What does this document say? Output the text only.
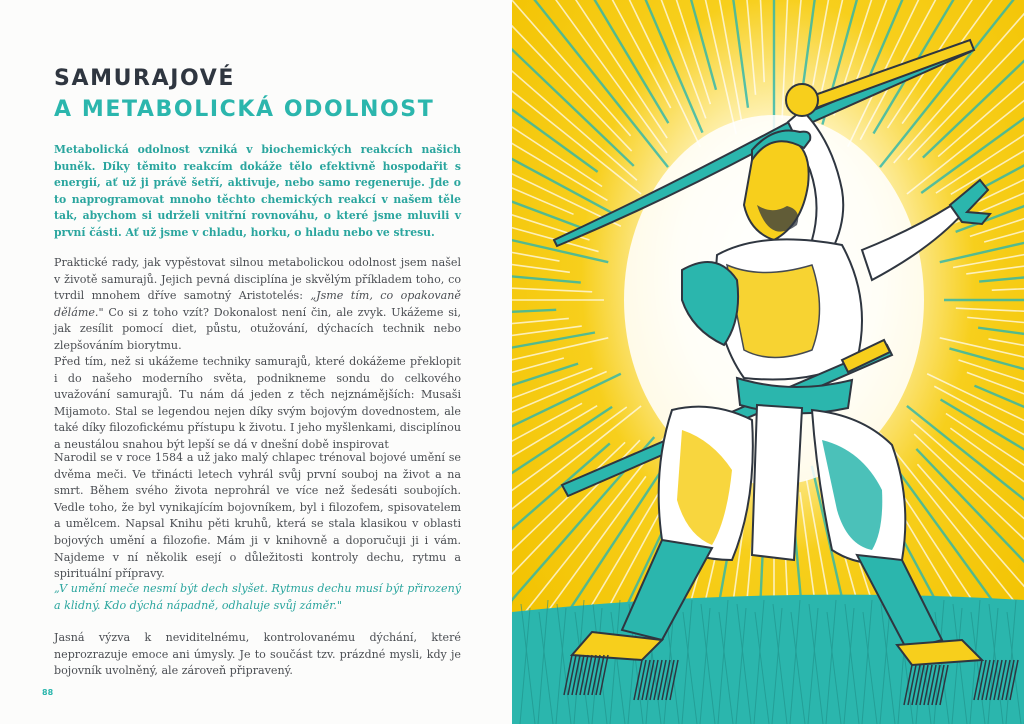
SAMURAJOVÉ
A METABOLICKÁ ODOLNOST
Metabolická odolnost vzniká v biochemických reakcích našich buněk. Díky těmito reakcím dokáže tělo efektivně hospodařit s energií, ať už ji právě šetří, aktivuje, nebo samo regeneruje. Jde o to naprogramovat mnoho těchto chemických reakcí v našem těle tak, abychom si udrželi vnitřní rovnováhu, o které jsme mluvili v první části. Ať už jsme v chladu, horku, o hladu nebo ve stresu.
Praktické rady, jak vypěstovat silnou metabolickou odolnost jsem našel v životě samurajů. Jejich pevná disciplína je skvělým příkladem toho, co tvrdil mnohem dříve samotný Aristotelés: „Jsme tím, co opakovaně děláme." Co si z toho vzít? Dokonalost není čin, ale zvyk. Ukážeme si, jak zesílit pomocí diet, půstu, otužování, dýchacích technik nebo zlepšováním biorytmu.
Před tím, než si ukážeme techniky samurajů, které dokážeme překlopit i do našeho moderního světa, podnikneme sondu do celkového uvažování samurajů. Tu nám dá jeden z těch nejznámějších: Musaši Mijamoto. Stal se legendou nejen díky svým bojovým dovednostem, ale také díky filozofickému přístupu k životu. I jeho myšlenkami, disciplínou a neustálou snahou být lepší se dá v dnešní době inspirovat
Narodil se v roce 1584 a už jako malý chlapec trénoval bojové umění se dvěma meči. Ve třinácti letech vyhrál svůj první souboj na život a na smrt. Během svého života neprohrál ve více než šedesáti soubojích. Vedle toho, že byl vynikajícím bojovníkem, byl i filozofem, spisovatelem a umělcem. Napsal Knihu pěti kruhů, která se stala klasikou v oblasti bojových umění a filozofie. Mám ji v knihovně a doporučuji ji i vám. Najdeme v ní několik esejí o důležitosti kontroly dechu, rytmu a spirituální přípravy.
„V umění meče nesmí být dech slyšet. Rytmus dechu musí být přirozený a klidný. Kdo dýchá nápadně, odhaluje svůj záměr."
Jasná výzva k neviditelnému, kontrolovanému dýchání, které neprozrazuje emoce ani úmysly. Je to součást tzv. prázdné mysli, kdy je bojovník uvolněný, ale zároveň připravený.
88
